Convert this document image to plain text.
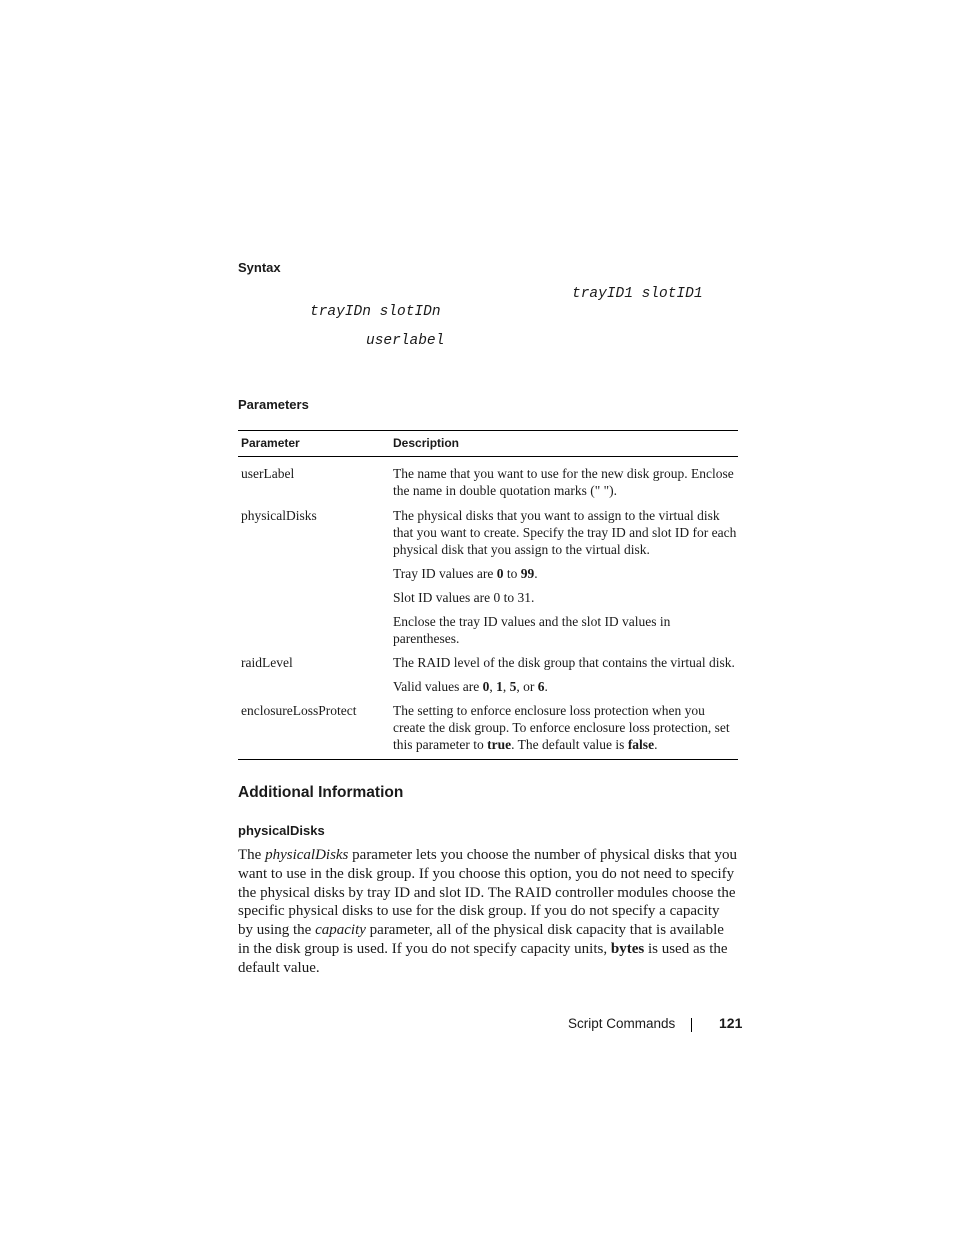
Syntax
trayID1 slotID1
trayIDn slotIDn
userlabel
Parameters
Parameter	Description
userLabel	The name that you want to use for the new disk group. Enclose the name in double quotation marks (" ").

physicalDisks	The physical disks that you want to assign to the virtual disk that you want to create. Specify the tray ID and slot ID for each physical disk that you assign to the virtual disk.

Tray ID values are 0 to 99.

Slot ID values are 0 to 31.

Enclose the tray ID values and the slot ID values in parentheses.

raidLevel	The RAID level of the disk group that contains the virtual disk.

Valid values are 0, 1, 5, or 6.

enclosureLossProtect	The setting to enforce enclosure loss protection when you create the disk group. To enforce enclosure loss protection, set this parameter to true. The default value is false.

Additional Information
physicalDisks

The physicalDisks parameter lets you choose the number of physical disks that you want to use in the disk group. If you choose this option, you do not need to specify the physical disks by tray ID and slot ID. The RAID controller modules choose the specific physical disks to use for the disk group. If you do not specify a capacity by using the capacity parameter, all of the physical disk capacity that is available in the disk group is used. If you do not specify capacity units, bytes is used as the default value.

Script Commands	121
